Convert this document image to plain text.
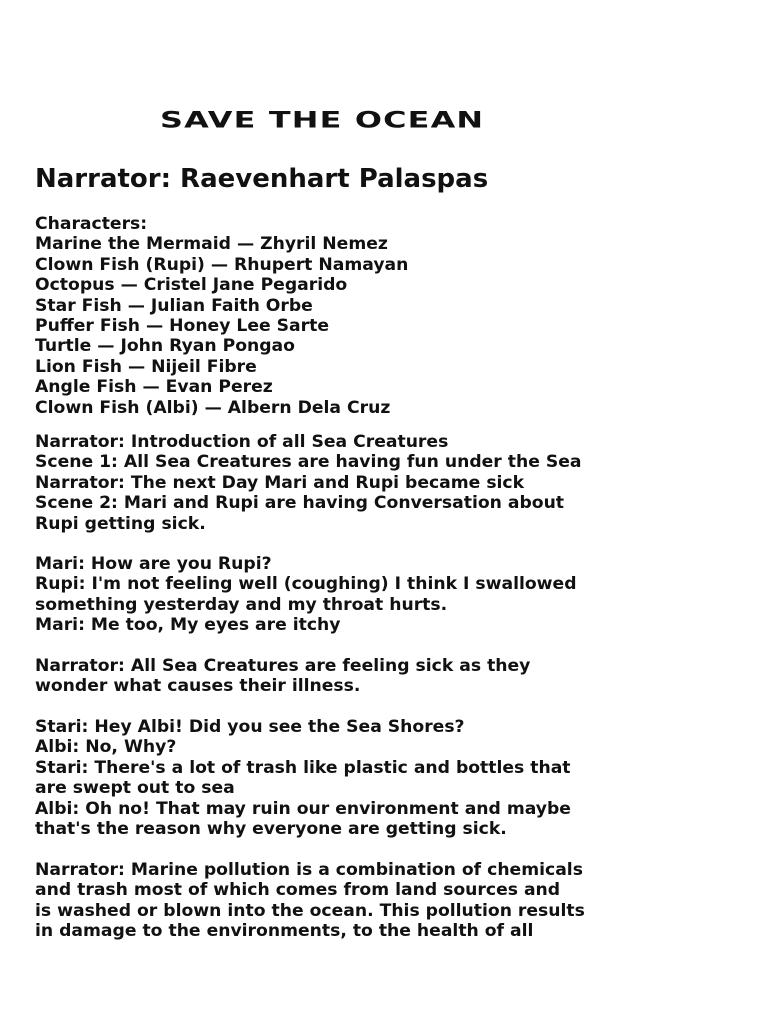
SAVE THE OCEAN
Narrator: Raevenhart Palaspas
Characters:
Marine the Mermaid — Zhyril Nemez
Clown Fish (Rupi) — Rhupert Namayan
Octopus — Cristel Jane Pegarido
Star Fish — Julian Faith Orbe
Puffer Fish — Honey Lee Sarte
Turtle — John Ryan Pongao
Lion Fish — Nijeil Fibre
Angle Fish — Evan Perez
Clown Fish (Albi) — Albern Dela Cruz
Narrator: Introduction of all Sea Creatures
Scene 1: All Sea Creatures are having fun under the Sea
Narrator: The next Day Mari and Rupi became sick
Scene 2: Mari and Rupi are having Conversation about
Rupi getting sick.
Mari: How are you Rupi?
Rupi: I'm not feeling well (coughing) I think I swallowed
something yesterday and my throat hurts.
Mari: Me too, My eyes are itchy
Narrator: All Sea Creatures are feeling sick as they
wonder what causes their illness.
Stari: Hey Albi! Did you see the Sea Shores?
Albi: No, Why?
Stari: There's a lot of trash like plastic and bottles that
are swept out to sea
Albi: Oh no! That may ruin our environment and maybe
that's the reason why everyone are getting sick.
Narrator: Marine pollution is a combination of chemicals
and trash most of which comes from land sources and
is washed or blown into the ocean. This pollution results
in damage to the environments, to the health of all
